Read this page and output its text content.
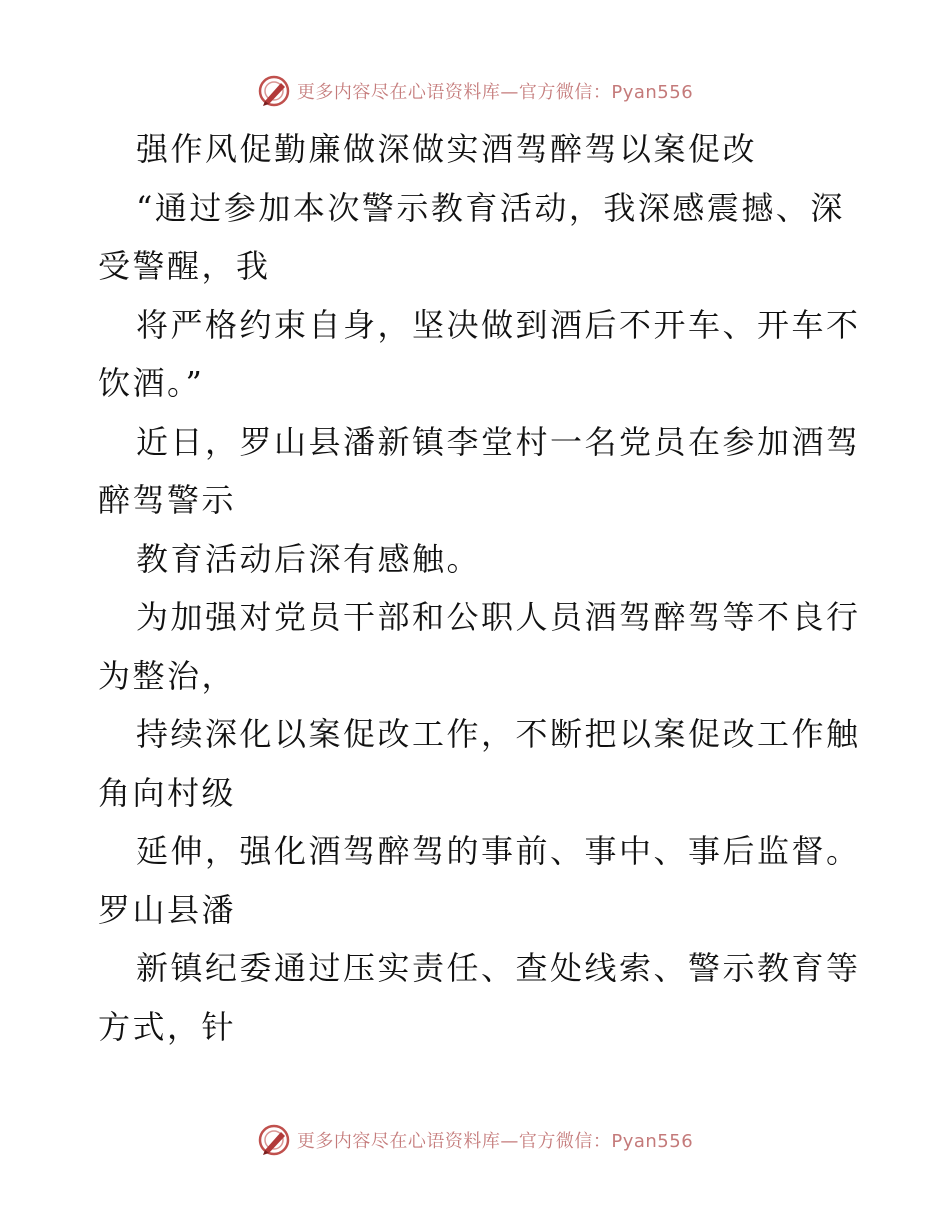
更多内容尽在心语资料库—官方微信：Pyan556
强作风促勤廉做深做实酒驾醉驾以案促改
“通过参加本次警示教育活动，我深感震撼、深
受警醒，我
将严格约束自身，坚决做到酒后不开车、开车不
饮酒。”
近日，罗山县潘新镇李堂村一名党员在参加酒驾
醉驾警示
教育活动后深有感触。
为加强对党员干部和公职人员酒驾醉驾等不良行
为整治，
持续深化以案促改工作，不断把以案促改工作触
角向村级
延伸，强化酒驾醉驾的事前、事中、事后监督。
罗山县潘
新镇纪委通过压实责任、查处线索、警示教育等
方式，针
更多内容尽在心语资料库—官方微信：Pyan556
